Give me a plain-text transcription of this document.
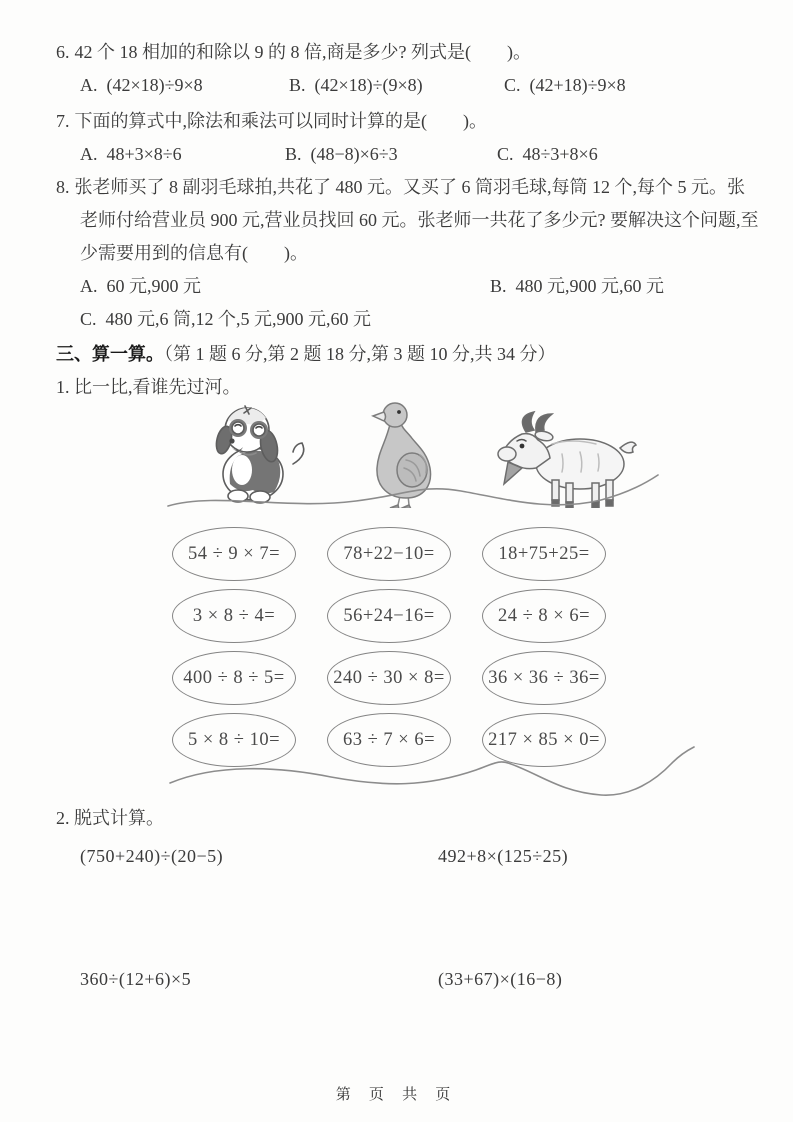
6. 42 个 18 相加的和除以 9 的 8 倍,商是多少? 列式是(　　)。
A. (42×18)÷9×8	B. (42×18)÷(9×8)	C. (42+18)÷9×8
7. 下面的算式中,除法和乘法可以同时计算的是(　　)。
A. 48+3×8÷6	B. (48−8)×6÷3	C. 48÷3+8×6
8. 张老师买了 8 副羽毛球拍,共花了 480 元。又买了 6 筒羽毛球,每筒 12 个,每个 5 元。张老师付给营业员 900 元,营业员找回 60 元。张老师一共花了多少元? 要解决这个问题,至少需要用到的信息有(　　)。
A. 60 元,900 元	B. 480 元,900 元,60 元
C. 480 元,6 筒,12 个,5 元,900 元,60 元
三、算一算。（第 1 题 6 分,第 2 题 18 分,第 3 题 10 分,共 34 分）
1. 比一比,看谁先过河。
54 ÷ 9 × 7=	78+22−10=	18+75+25=
3 × 8 ÷ 4=	56+24−16=	24 ÷ 8 × 6=
400 ÷ 8 ÷ 5=	240 ÷ 30 × 8=	36 × 36 ÷ 36=
5 × 8 ÷ 10=	63 ÷ 7 × 6=	217 × 85 × 0=
2. 脱式计算。
(750+240)÷(20−5)	492+8×(125÷25)
360÷(12+6)×5	(33+67)×(16−8)
第 页 共 页
